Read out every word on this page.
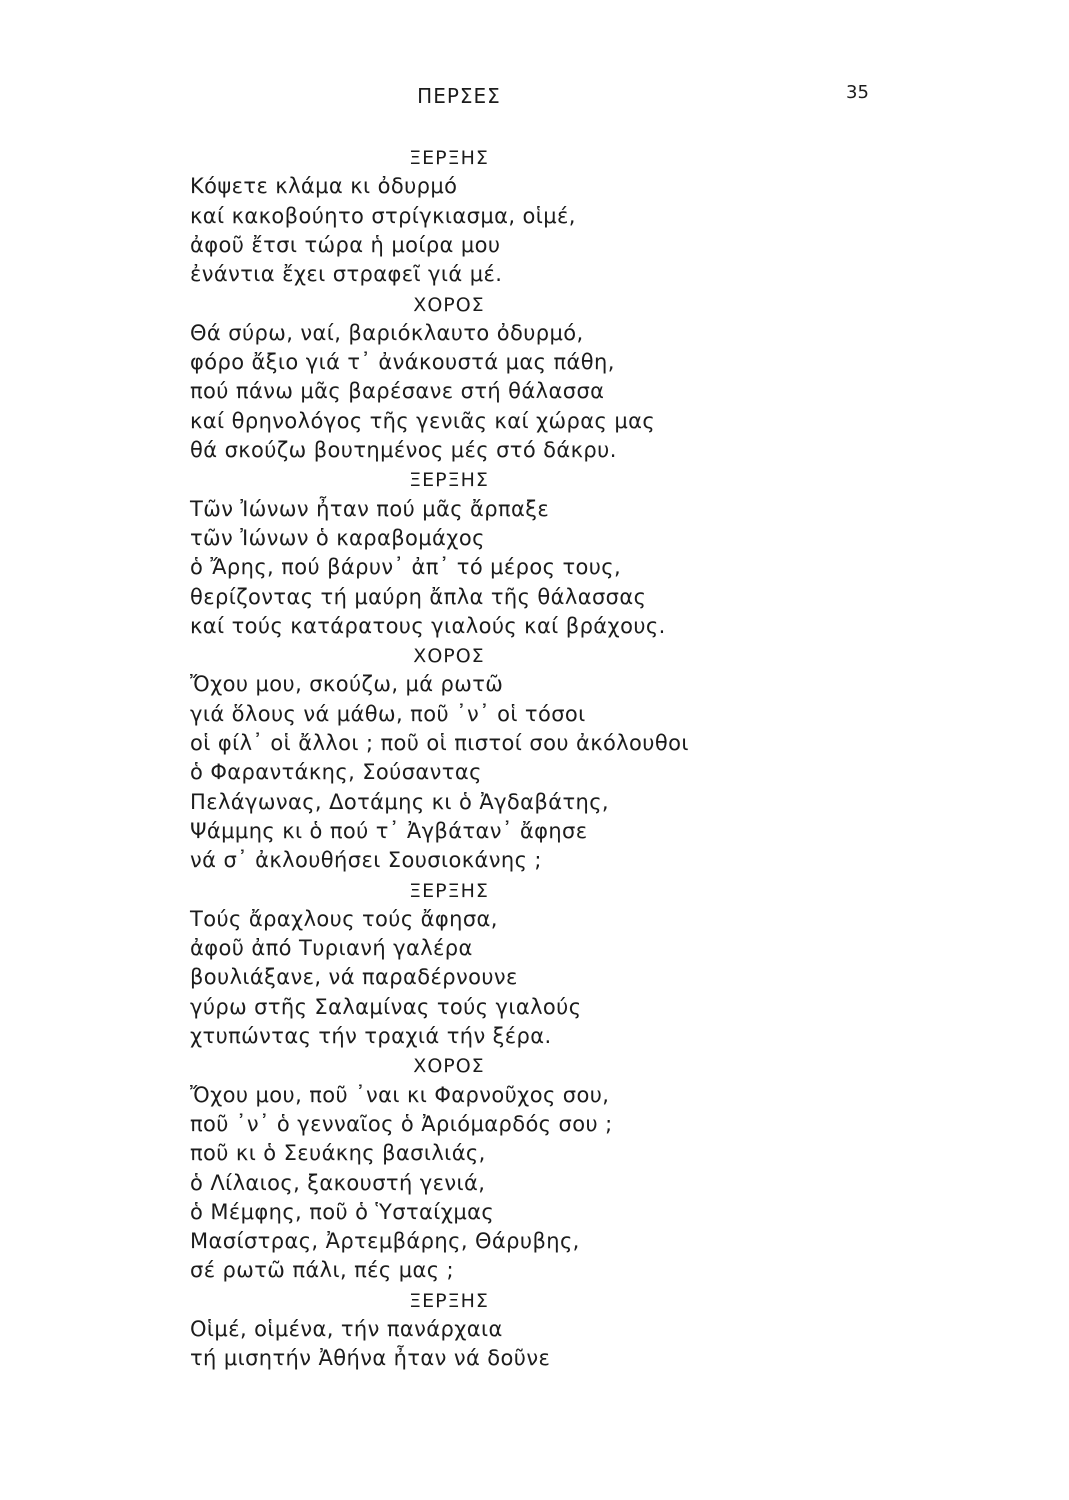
ΠΕΡΣΕΣ	35
ΞΕΡΞΗΣ
Κόψετε κλάμα κι ὀδυρμό
καί κακοβούητο στρίγκιασμα, οἱμέ,
ἀφοῦ ἔτσι τώρα ἡ μοίρα μου
ἐνάντια ἔχει στραφεῖ γιά μέ.
ΧΟΡΟΣ
Θά σύρω, ναί, βαριόκλαυτο ὀδυρμό,
φόρο ἄξιο γιά τ᾽ ἀνάκουστά μας πάθη,
πού πάνω μᾶς βαρέσανε στή θάλασσα
καί θρηνολόγος τῆς γενιᾶς καί χώρας μας
θά σκούζω βουτημένος μές στό δάκρυ.
ΞΕΡΞΗΣ
Τῶν Ἰώνων ἦταν πού μᾶς ἄρπαξε
τῶν Ἰώνων ὁ καραβομάχος
ὁ Ἄρης, πού βάρυν᾽ ἀπ᾽ τό μέρος τους,
θερίζοντας τή μαύρη ἄπλα τῆς θάλασσας
καί τούς κατάρατους γιαλούς καί βράχους.
ΧΟΡΟΣ
Ὄχου μου, σκούζω, μά ρωτῶ
γιά ὅλους νά μάθω, ποῦ ᾽ν᾽ οἱ τόσοι
οἱ φίλ᾽ οἱ ἄλλοι ; ποῦ οἱ πιστοί σου ἀκόλουθοι
ὁ Φαραντάκης, Σούσαντας
Πελάγωνας, Δοτάμης κι ὁ Ἀγδαβάτης,
Ψάμμης κι ὁ πού τ᾽ Ἀγβάταν᾽ ἄφησε
νά σ᾽ ἀκλουθήσει Σουσιοκάνης ;
ΞΕΡΞΗΣ
Τούς ἄραχλους τούς ἄφησα,
ἀφοῦ ἀπό Τυριανή γαλέρα
βουλιάξανε, νά παραδέρνουνε
γύρω στῆς Σαλαμίνας τούς γιαλούς
χτυπώντας τήν τραχιά τήν ξέρα.
ΧΟΡΟΣ
Ὄχου μου, ποῦ ᾽ναι κι Φαρνοῦχος σου,
ποῦ ᾽ν᾽ ὁ γενναῖος ὁ Ἀριόμαρδός σου ;
ποῦ κι ὁ Σευάκης βασιλιάς,
ὁ Λίλαιος, ξακουστή γενιά,
ὁ Μέμφης, ποῦ ὁ Ὑσταίχμας
Μασίστρας, Ἀρτεμβάρης, Θάρυβης,
σέ ρωτῶ πάλι, πές μας ;
ΞΕΡΞΗΣ
Οἱμέ, οἱμένα, τήν πανάρχαια
τή μισητήν Ἀθήνα ἦταν νά δοῦνε
